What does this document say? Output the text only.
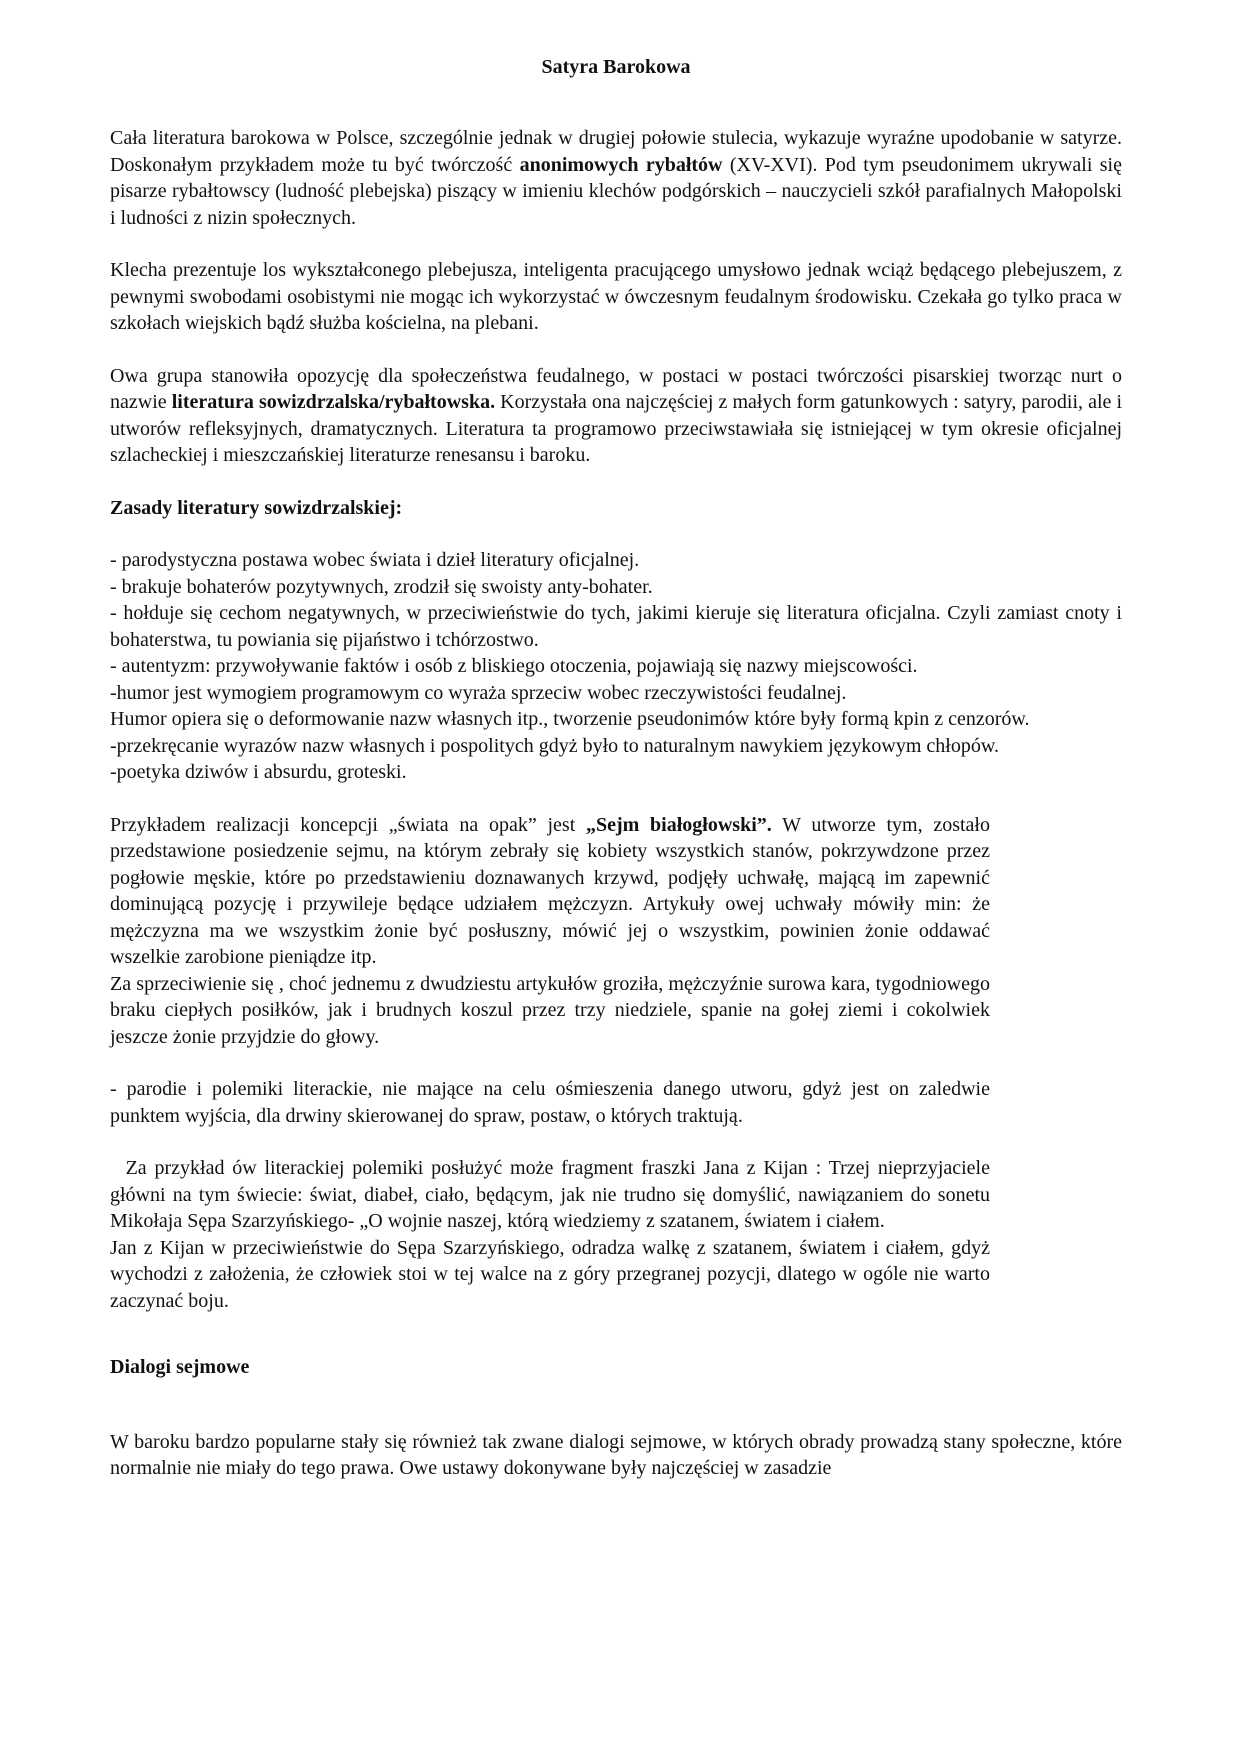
Satyra Barokowa

Cała literatura barokowa w Polsce, szczególnie jednak w drugiej połowie stulecia, wykazuje wyraźne upodobanie w satyrze. Doskonałym przykładem może tu być twórczość anonimowych rybałtów (XV-XVI). Pod tym pseudonimem ukrywali się pisarze rybałtowscy (ludność plebejska) piszący w imieniu klechów podgórskich – nauczycieli szkół parafialnych Małopolski i ludności z nizin społecznych.

Klecha prezentuje los wykształconego plebejusza, inteligenta pracującego umysłowo jednak wciąż będącego plebejuszem, z pewnymi swobodami osobistymi nie mogąc ich wykorzystać w ówczesnym feudalnym środowisku. Czekała go tylko praca w szkołach wiejskich bądź służba kościelna, na plebani.

Owa grupa stanowiła opozycję dla społeczeństwa feudalnego, w postaci w postaci twórczości pisarskiej tworząc nurt o nazwie literatura sowizdrzalska/rybałtowska. Korzystała ona najczęściej z małych form gatunkowych : satyry, parodii, ale i utworów refleksyjnych, dramatycznych. Literatura ta programowo przeciwstawiała się istniejącej w tym okresie oficjalnej szlacheckiej i mieszczańskiej literaturze renesansu i baroku.

Zasady literatury sowizdrzalskiej:

- parodystyczna postawa wobec świata i dzieł literatury oficjalnej.

- brakuje bohaterów pozytywnych, zrodził się swoisty anty-bohater.

- hołduje się cechom negatywnych, w przeciwieństwie do tych, jakimi kieruje się literatura oficjalna. Czyli zamiast cnoty i bohaterstwa, tu powiania się pijaństwo i tchórzostwo.

- autentyzm: przywoływanie faktów i osób z bliskiego otoczenia, pojawiają się nazwy miejscowości.

-humor jest wymogiem programowym co wyraża sprzeciw wobec rzeczywistości feudalnej.

Humor opiera się o deformowanie nazw własnych itp., tworzenie pseudonimów które były formą kpin z cenzorów.

-przekręcanie wyrazów nazw własnych i pospolitych gdyż było to naturalnym nawykiem językowym chłopów.

-poetyka dziwów i absurdu, groteski.

Przykładem realizacji koncepcji „świata na opak” jest „Sejm białogłowski”. W utworze tym, zostało przedstawione posiedzenie sejmu, na którym zebrały się kobiety wszystkich stanów, pokrzywdzone przez pogłowie męskie, które po przedstawieniu doznawanych krzywd, podjęły uchwałę, mającą im zapewnić dominującą pozycję i przywileje będące udziałem mężczyzn. Artykuły owej uchwały mówiły min: że mężczyzna ma we wszystkim żonie być posłuszny, mówić jej o wszystkim, powinien żonie oddawać wszelkie zarobione pieniądze itp.

Za sprzeciwienie się , choć jednemu z dwudziestu artykułów groziła, mężczyźnie surowa kara, tygodniowego braku ciepłych posiłków, jak i brudnych koszul przez trzy niedziele, spanie na gołej ziemi i cokolwiek jeszcze żonie przyjdzie do głowy.

- parodie i polemiki literackie, nie mające na celu ośmieszenia danego utworu, gdyż jest on zaledwie punktem wyjścia, dla drwiny skierowanej do spraw, postaw, o których traktują.

Za przykład ów literackiej polemiki posłużyć może fragment fraszki Jana z Kijan : Trzej nieprzyjaciele główni na tym świecie: świat, diabeł, ciało, będącym, jak nie trudno się domyślić, nawiązaniem do sonetu Mikołaja Sępa Szarzyńskiego- „O wojnie naszej, którą wiedziemy z szatanem, światem i ciałem.

Jan z Kijan w przeciwieństwie do Sępa Szarzyńskiego, odradza walkę z szatanem, światem i ciałem, gdyż wychodzi z założenia, że człowiek stoi w tej walce na z góry przegranej pozycji, dlatego w ogóle nie warto zaczynać boju.

Dialogi sejmowe

W baroku bardzo popularne stały się również tak zwane dialogi sejmowe, w których obrady prowadzą stany społeczne, które normalnie nie miały do tego prawa. Owe ustawy dokonywane były najczęściej w zasadzie
